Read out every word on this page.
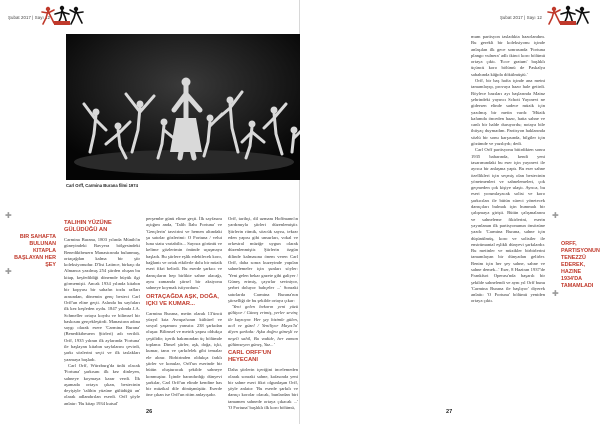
Şubat 2017 | Sayı 12
Carl Orff, Carmina Burana filmi 1974
✚
BIR SAHAFTA BULUNAN KITAPLA BAŞLAYAN HER ŞEY
✚
TALIHIN YÜZÜNE GÜLÜDÜĞÜ AN

Carmina Burana, 1803 yılında Münih'in güneyindeki Bavyera bölgesindeki Benediktbeuern Manastırında bulunmuş, ortaçağdan kalma bir şiir koleksiyonudur. D'lisi Latince, birkaçı da Almanca yazılmış 254 şiirden oluşan bu kitap, keşfedildiği dönemde büyük ilgi görmemişti. Ancak 1934 yılında kitabın bir kopyası bir sahafın tozlu rafları arasından, dönemin genç besteci Carl Orff'un eline geçti. Aslında bu sayfaları ilk kez keşfeden oydu. 1847 yılında J.A. Schmeller ortaya koydu ve bilimsel bir baskısını gerçekleştirdi. Manastırın adına saygı olarak esere 'Carmina Burana' (Benediktbeuern Şiirleri) adı verildi. Orff, 1935 yılının ilk aylarında 'Fortuna' ile başlayan kitabın sayfalarını çevirdi, şarkı sözlerini seçti ve ilk taslakları yazmaya başladı.

Carl Orff, Würzburg'da ünlü olacak 'Fortuna' şarkısını ilk kez dinleyen, sahneye koymaya karar verdi. İlk aşamada ortaya çıkan, bestecinin deyişiyle 'talihin yüzüne gülüdüğü an' olarak adlandırılan eserdi. Orff şöyle anlatır: 'Bu kitap 1934 kutsal'

perşembe günü elime geçti. İlk sayfasını açtığım anda, 'Talih İlahı Fortuna' ve 'Gençlerin' tasvirini ve hemen altındaki şu satırlar gözlerimi: O Fortuna / velut luna statu variabilis... Sayısız görüntü ve kelime gözlerimin önünde uçuşmaya başladı. Bu şiirlere eşlik edebilecek koro, bağlantı ve ortak etkilerle dolu bir müzik eseri fikri belirdi. Bu eserde şarkıcı ve dansçıların hep birlikte sahne alacağı, aynı zamanda şiirsel bir aksiyonu sahneye koymak istiyordum.'

ORTAÇAĞDA AŞK, DOĞA, IÇKI VE KUMAR...

Carmina Burana, metin olarak 13'üncü yüzyıl kıta Avrupa'sının kültürel ve sosyal yaşamını yansıtır. 238 şarkıdan oluşur. Bilimsel ve metrik yapısı oldukça çeşitlidir; içerik bakımından üç bölümde toplanır. Dinsel şiirler, aşk, doğa, içki, kumar, tanrı ve çarkıfelek gibi temalar ele alınır. Birbirinden oldukça farklı şiirler ve konular, Orff'un eserinde bir bütün oluşturacak şekilde sahneye konmuştur. İçinde barındırdığı dünyevi şarkılar, Carl Orff'un elinde kendine has bir müzikal dile dönüşmüştür. Eserde öne çıkan ise Orff'un ritim anlayışıdır.

Orff, tarihçi, dil uzmanı Hoffmann'ın yardımıyla şiirleri düzenlemiştir. Şiirlerin ritmik, sözcük sayısı, tekrar eden yapısı gibi unsurları, vokal ve orkestral müziğe uygun olarak düzenlenmiştir. Şiirlerin özgün dilinde kalmasına önem veren Carl Orff, daha sonra kuzeyinde yapılan sahnelemeler için şunları söyler: 'Yeni gelen bekar gazete gibi galiyer / Güneş erimiş, çayırlar seviniyor, şerbet doluyor bahçeler ...' Sonraki satırlarda Carmina Burana'nın şiirselliği de bu şekilde ortaya çıkar:

'Yeni gelen bekarın yeni yüzü gülüyor / Güneş erimiş, yerler sevinç ile kaynıyor. Her şey bizimle gülen, acil ve güzel / Yeniliyor Mayıs'la' diyen şarkıda: Aşka doğru güneşli ve neşeli sahil, Bu vadide, her zaman gülümseyen güneş, Yaz...'

CARL ORFF'UN HEYECANI

Daha şiirlerin içeriğini incelemeden olarak sonraki sahne, kafasında yeni bir sahne eseri fikri olgunlaşan Orff, şöyle anlatır: 'Bu eserde şarkılı ve dansçı korolar olacak, bunlardan biri tamamen sahnede ortaya çıkacak ...' 'O Fortuna' başlıklı ilk koro bölümü,

26
Şubat 2017 | Sayı 12

mum partisyon tasladıkta hazırlandım. Bu gerekli bir koleksiyonu içinde anlaşılan ilk gece sonrasında 'Fortuna plango vulnera' adlı ikinci koro bölümü ortaya çıktı. 'Ecce gratum' başlıklı üçüncü koro bölümü de Paskalya sabahında kâğıda dökülmüştü.'

Orff, bir baş hafta içinde ana metni tamamlayıp, provaya hazır hale getirdi. Böylece bazıları ayı başlarında Mainz şehrindeki yayıncı Schott Yayınevi ne gidersen elinde sadece müzik için yazılmış bir metin vardı: 'Müzik kafamda önceden hazır, hatta sahne ve canlı bir halde duruyordu; notaya bile ihtiyaç duymadım. Partisyon haklarında sözlü bir sonu karşısında, bilgiler için gözümde ve yazılıydı; dedi.

Carl Orff partisyonu bitirdikten sonra 1935 baharında, kendi yeni tasarımındaki bu eser için yayınevi ile ayrıca bir anlaşma yaptı. Bu eser sahne özellikleri için seçmiş olan bestecinin yönetmenleri ve sahnelemeleri, çok geçmeden çok kişiye ulaştı. Ayrıca, bu eseri yorumlayacak solist ve koro şarkıcıları ile bütün süreci yönetecek dansçıları bulmak için hummalı bir çalışmaya girişti. Bütün çalışmalarını ve sahneleme fikirlerini, eserin yayınlanan ilk partisyonunun önsözüne yazdı: 'Carmina Burana, sahne için düşünülmüş, koro ve solistler ile enstrümantal eşlikli dünyevi şarkılardır. Bu metinler ve müzikler birbirlerini tamamlayan bir dünyadan gelirler. Benim için her şey sahne, sahne ve sahne demek...' Eser, 8 Haziran 1937'de Frankfurt Operası'nda başarılı bir şekilde sahnelendi ve aynı yıl Orff bunu 'Carmina Burana ile başlıyor' diyerek anlattı: 'O Fortuna' bölümü yeniden ortaya çıktı.

✚
ORFF, PARTISYONUN TENEZZÜ EDEREK, HAZINE 1934'DA TAMAMLADI
✚
27
